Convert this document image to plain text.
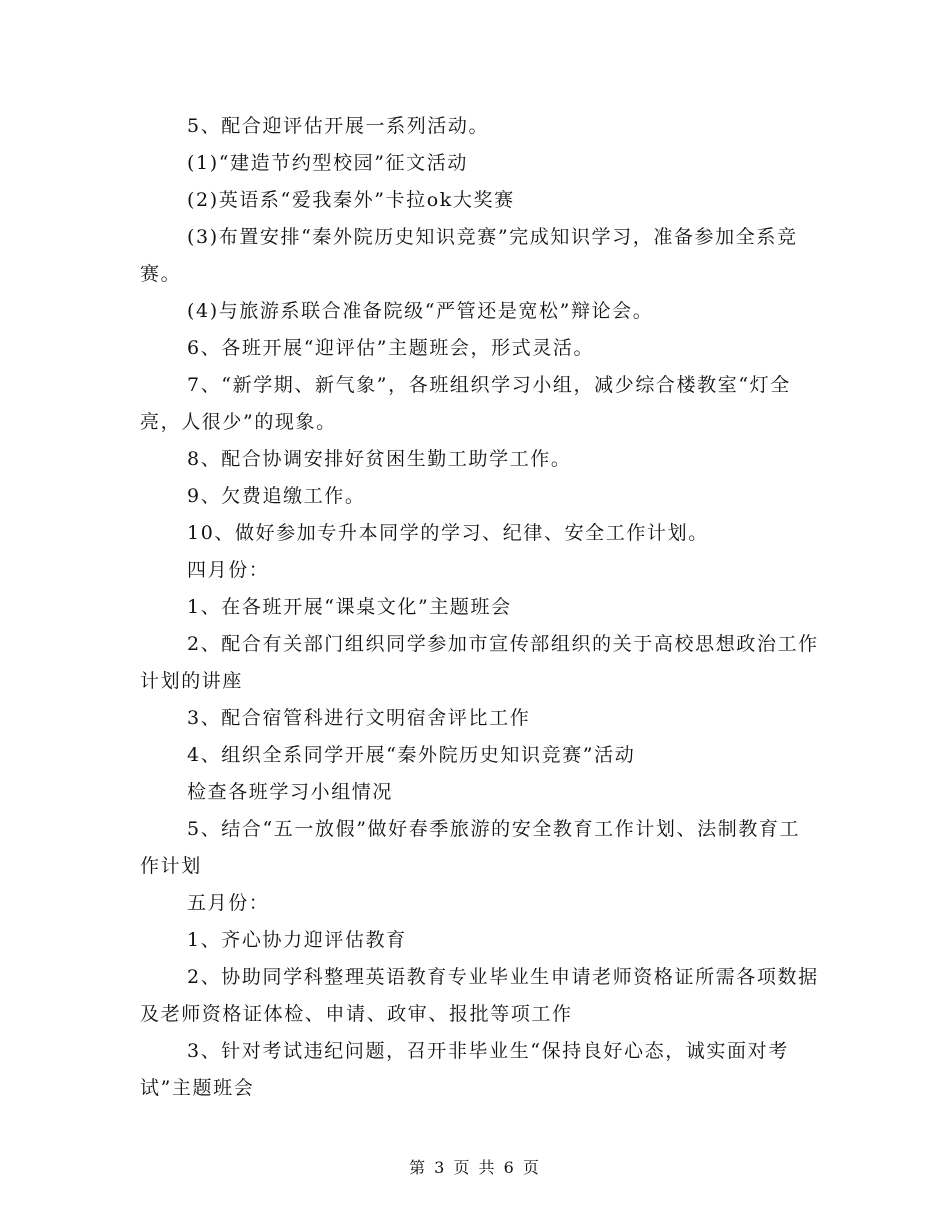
5、配合迎评估开展一系列活动。

(1)“建造节约型校园”征文活动

(2)英语系“爱我秦外”卡拉ok大奖赛

(3)布置安排“秦外院历史知识竞赛”完成知识学习，准备参加全系竞赛。

(4)与旅游系联合准备院级“严管还是宽松”辩论会。

6、各班开展“迎评估”主题班会，形式灵活。

7、“新学期、新气象”，各班组织学习小组，减少综合楼教室“灯全亮，人很少”的现象。

8、配合协调安排好贫困生勤工助学工作。

9、欠费追缴工作。

10、做好参加专升本同学的学习、纪律、安全工作计划。

四月份：

1、在各班开展“课桌文化”主题班会

2、配合有关部门组织同学参加市宣传部组织的关于高校思想政治工作计划的讲座

3、配合宿管科进行文明宿舍评比工作

4、组织全系同学开展“秦外院历史知识竞赛”活动

检查各班学习小组情况

5、结合“五一放假”做好春季旅游的安全教育工作计划、法制教育工作计划

五月份：

1、齐心协力迎评估教育

2、协助同学科整理英语教育专业毕业生申请老师资格证所需各项数据及老师资格证体检、申请、政审、报批等项工作

3、针对考试违纪问题，召开非毕业生“保持良好心态，诚实面对考试”主题班会

第 3 页 共 6 页
